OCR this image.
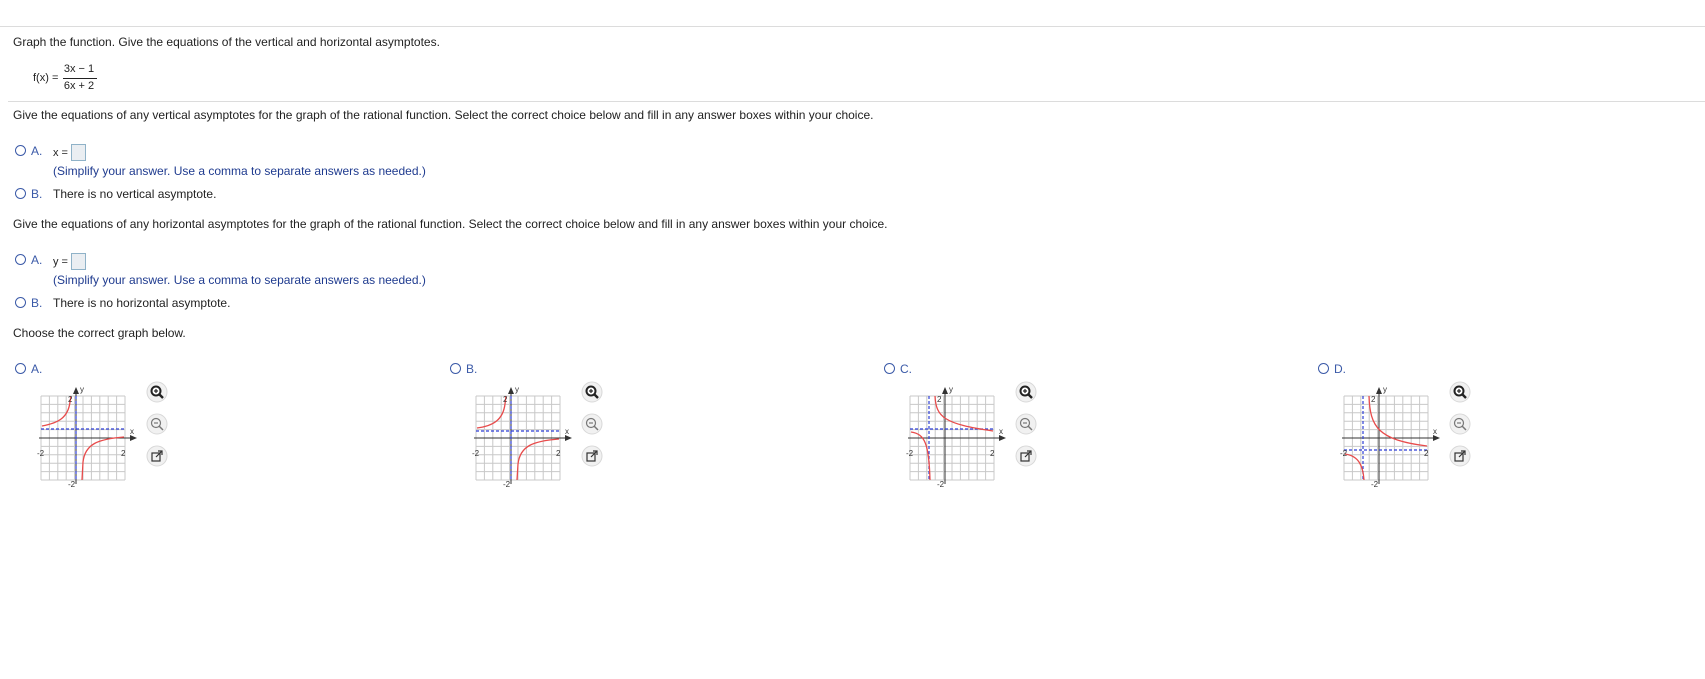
Graph the function. Give the equations of the vertical and horizontal asymptotes.
f(x) =
3x − 1
6x + 2
Give the equations of any vertical asymptotes for the graph of the rational function. Select the correct choice below and fill in any answer boxes within your choice.
A. x =
(Simplify your answer. Use a comma to separate answers as needed.)
B. There is no vertical asymptote.
Give the equations of any horizontal asymptotes for the graph of the rational function. Select the correct choice below and fill in any answer boxes within your choice.
A. y =
(Simplify your answer. Use a comma to separate answers as needed.)
B. There is no horizontal asymptote.
Choose the correct graph below.
A.
x
y
-2	2
2
-2
B.
x
y
-2	2
2
-2
C.
x
y
-2	2
2
-2
D.
x
y
-2	2
2
-2
